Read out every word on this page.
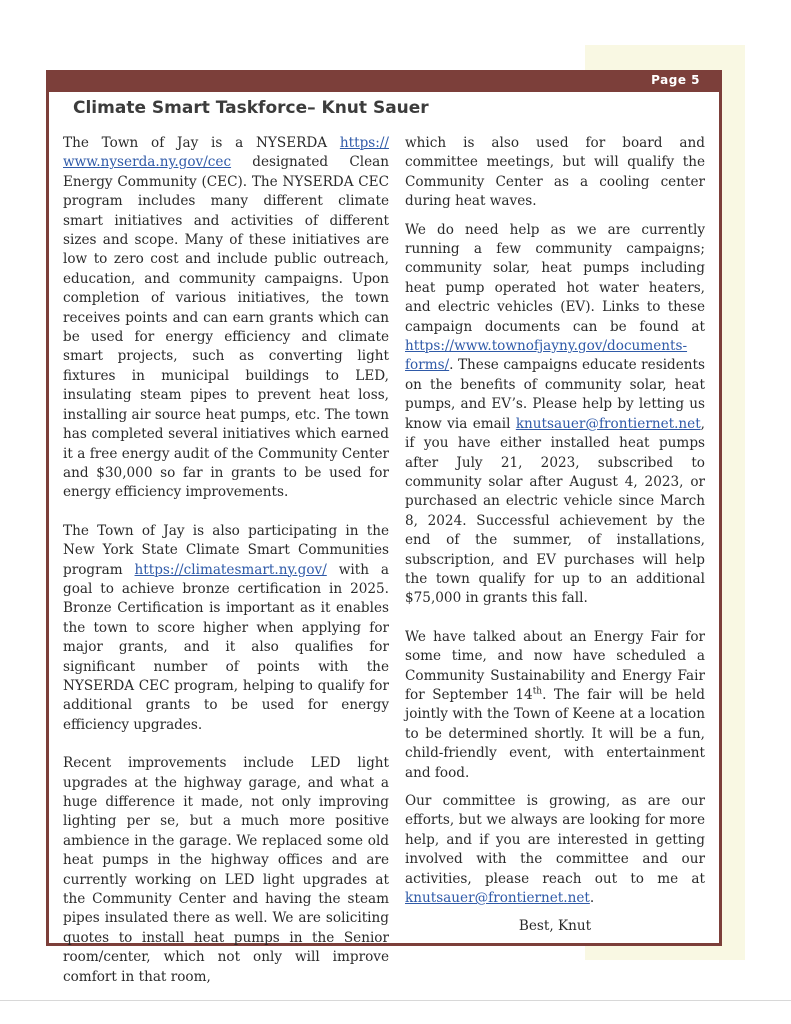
Page 5
Climate Smart Taskforce– Knut Sauer

The Town of Jay is a NYSERDA https://​www.nyserda.ny.gov/cec designated Clean Energy Community (CEC). The NYSERDA CEC program includes many different climate smart initiatives and activities of different sizes and scope. Many of these initiatives are low to zero cost and include public outreach, education, and community campaigns. Upon completion of various initiatives, the town receives points and can earn grants which can be used for energy efficiency and climate smart projects, such as converting light fixtures in municipal buildings to LED, insulating steam pipes to prevent heat loss, installing air source heat pumps, etc. The town has completed several initiatives which earned it a free energy audit of the Community Center and $30,000 so far in grants to be used for energy efficiency improvements.

The Town of Jay is also participating in the New York State Climate Smart Communities program https://climatesmart.ny.gov/ with a goal to achieve bronze certification in 2025. Bronze Certification is important as it enables the town to score higher when applying for major grants, and it also qualifies for significant number of points with the NYSERDA CEC program, helping to qualify for additional grants to be used for energy efficiency upgrades.

Recent improvements include LED light upgrades at the highway garage, and what a huge difference it made, not only improving lighting per se, but a much more positive ambience in the garage. We replaced some old heat pumps in the highway offices and are currently working on LED light upgrades at the Community Center and having the steam pipes insulated there as well. We are soliciting quotes to install heat pumps in the Senior room/center, which not only will improve comfort in that room,

which is also used for board and committee meetings, but will qualify the Community Center as a cooling center during heat waves.

We do need help as we are currently running a few community campaigns; community solar, heat pumps including heat pump operated hot water heaters, and electric vehicles (EV). Links to these campaign documents can be found at https://​www.townofjayny.gov/documents-​forms/. These campaigns educate residents on the benefits of community solar, heat pumps, and EV’s. Please help by letting us know via email knutsauer@frontiernet.net, if you have either installed heat pumps after July 21, 2023, subscribed to community solar after August 4, 2023, or purchased an electric vehicle since March 8, 2024. Successful achievement by the end of the summer, of installations, subscription, and EV purchases will help the town qualify for up to an additional $75,000 in grants this fall.

We have talked about an Energy Fair for some time, and now have scheduled a Community Sustainability and Energy Fair for September 14th. The fair will be held jointly with the Town of Keene at a location to be determined shortly. It will be a fun, child-friendly event, with entertainment and food.

Our committee is growing, as are our efforts, but we always are looking for more help, and if you are interested in getting involved with the committee and our activities, please reach out to me at knutsauer@frontiernet.net.

Best, Knut
